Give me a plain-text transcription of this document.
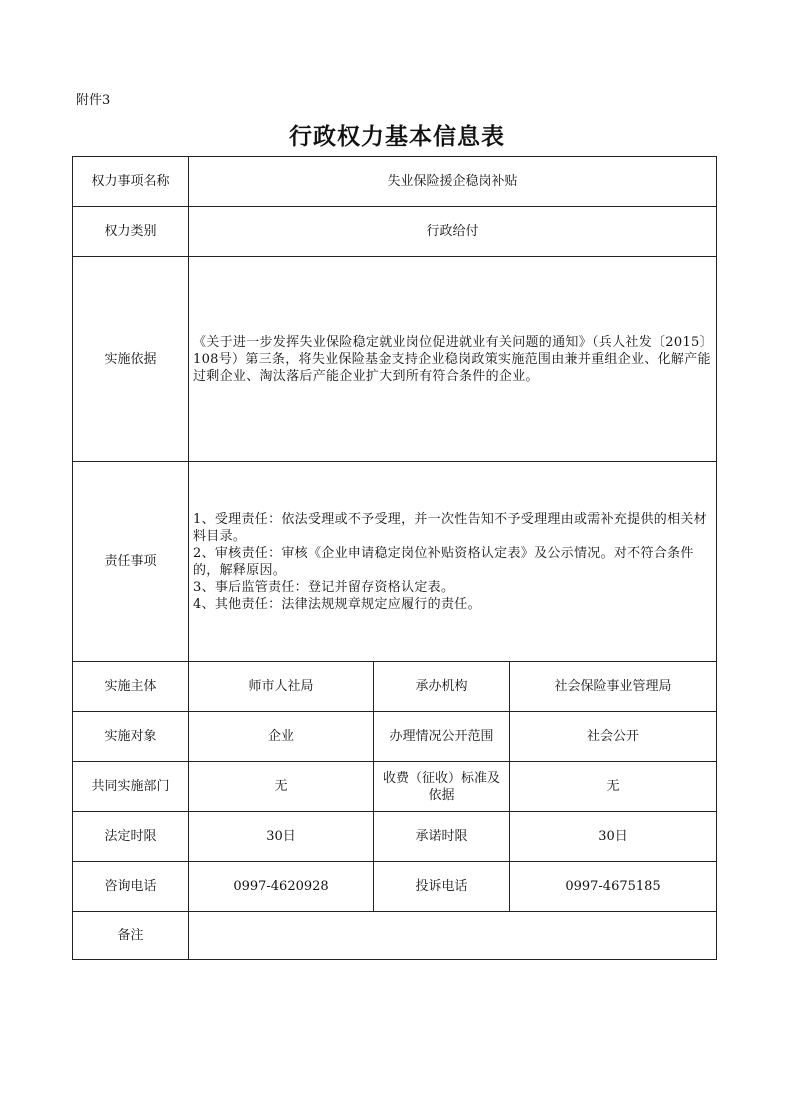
附件3
行政权力基本信息表
权力事项名称	失业保险援企稳岗补贴		
权力类别	行政给付		
实施依据	《关于进一步发挥失业保险稳定就业岗位促进就业有关问题的通知》（兵人社发〔2015〕108号）第三条，将失业保险基金支持企业稳岗政策实施范围由兼并重组企业、化解产能过剩企业、淘汰落后产能企业扩大到所有符合条件的企业。		
责任事项	1、受理责任：依法受理或不予受理，并一次性告知不予受理理由或需补充提供的相关材料目录。
2、审核责任：审核《企业申请稳定岗位补贴资格认定表》及公示情况。对不符合条件的，解释原因。
3、事后监管责任：登记并留存资格认定表。
4、其他责任：法律法规规章规定应履行的责任。		

实施主体	师市人社局	承办机构	社会保险事业管理局
实施对象	企业	办理情况公开范围	社会公开
共同实施部门	无	收费（征收）标准及依据	无
法定时限	30日	承诺时限	30日
咨询电话	0997-4620928	投诉电话	0997-4675185
备注			
